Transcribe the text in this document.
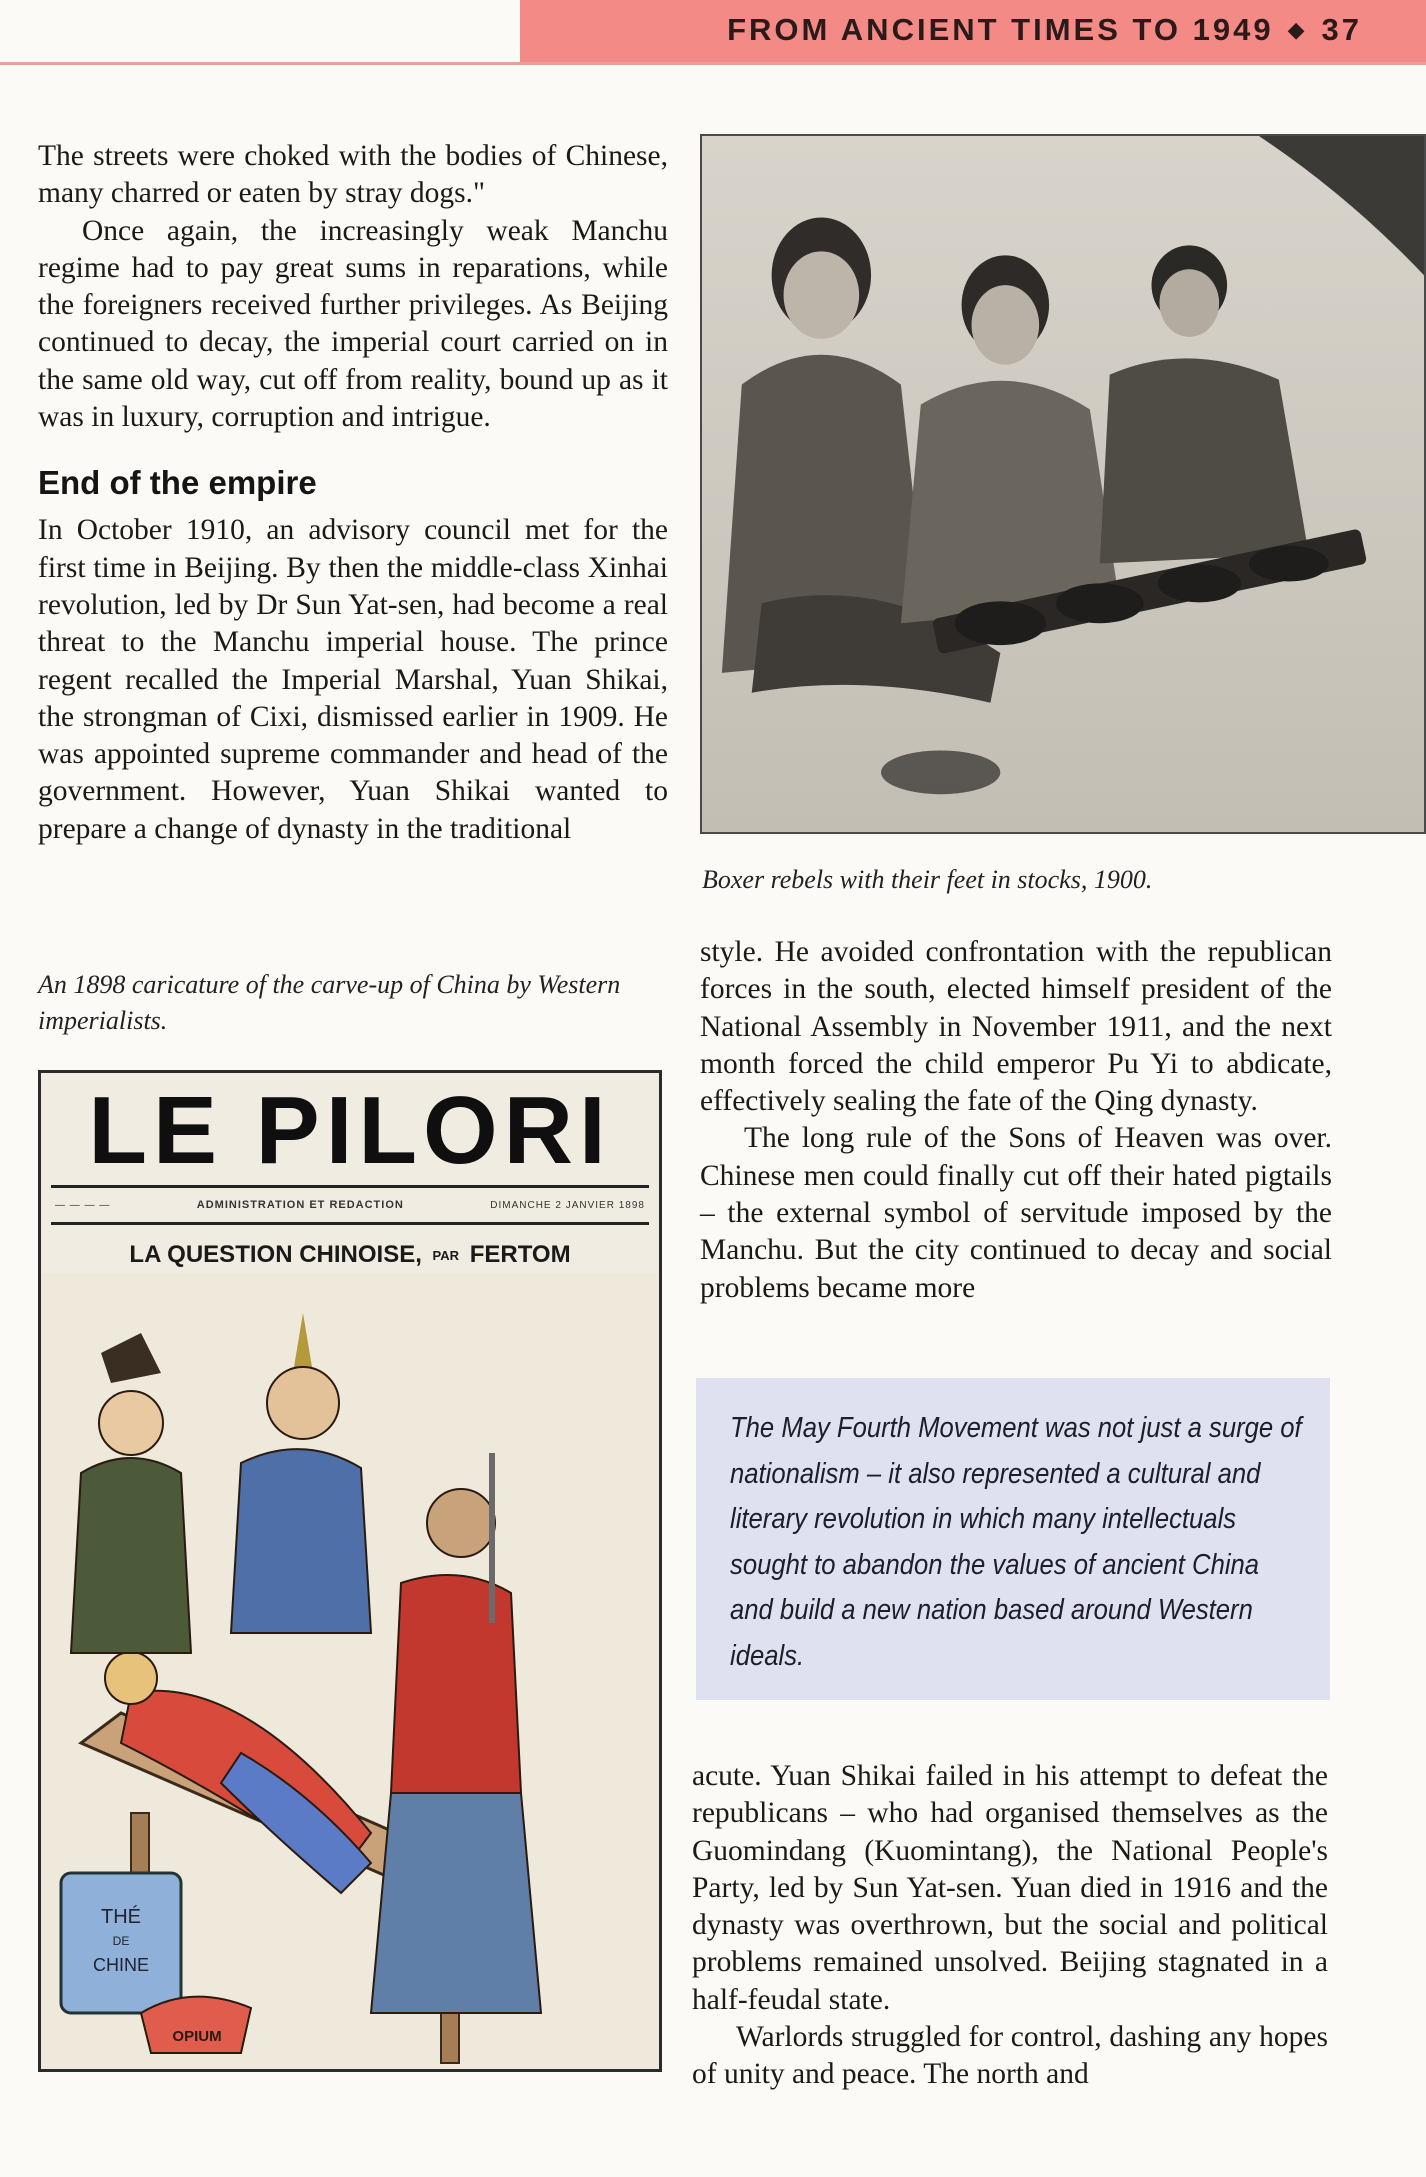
FROM ANCIENT TIMES TO 1949 ◆ 37

The streets were choked with the bodies of Chinese, many charred or eaten by stray dogs."

Once again, the increasingly weak Manchu regime had to pay great sums in reparations, while the foreigners received further privileges. As Beijing continued to decay, the imperial court carried on in the same old way, cut off from reality, bound up as it was in luxury, corruption and intrigue.

End of the empire

In October 1910, an advisory council met for the first time in Beijing. By then the middle-class Xinhai revolution, led by Dr Sun Yat-sen, had become a real threat to the Manchu imperial house. The prince regent recalled the Imperial Marshal, Yuan Shikai, the strongman of Cixi, dismissed earlier in 1909. He was appointed supreme commander and head of the government. However, Yuan Shikai wanted to prepare a change of dynasty in the traditional

Boxer rebels with their feet in stocks, 1900.
An 1898 caricature of the carve-up of China by Western imperialists.
LE PILORI
— — — —	ADMINISTRATION ET REDACTION	DIMANCHE 2 JANVIER 1898
LA QUESTION CHINOISE, PAR FERTOM
THÉ
DE
CHINE
OPIUM

style. He avoided confrontation with the republican forces in the south, elected himself president of the National Assembly in November 1911, and the next month forced the child emperor Pu Yi to abdicate, effectively sealing the fate of the Qing dynasty.

The long rule of the Sons of Heaven was over. Chinese men could finally cut off their hated pigtails – the external symbol of servitude imposed by the Manchu. But the city continued to decay and social problems became more

The May Fourth Movement was not just a surge of nationalism – it also represented a cultural and literary revolution in which many intellectuals sought to abandon the values of ancient China and build a new nation based around Western ideals.

acute. Yuan Shikai failed in his attempt to defeat the republicans – who had organised themselves as the Guomindang (Kuomintang), the National People's Party, led by Sun Yat-sen. Yuan died in 1916 and the dynasty was overthrown, but the social and political problems remained unsolved. Beijing stagnated in a half-feudal state.

Warlords struggled for control, dashing any hopes of unity and peace. The north and
